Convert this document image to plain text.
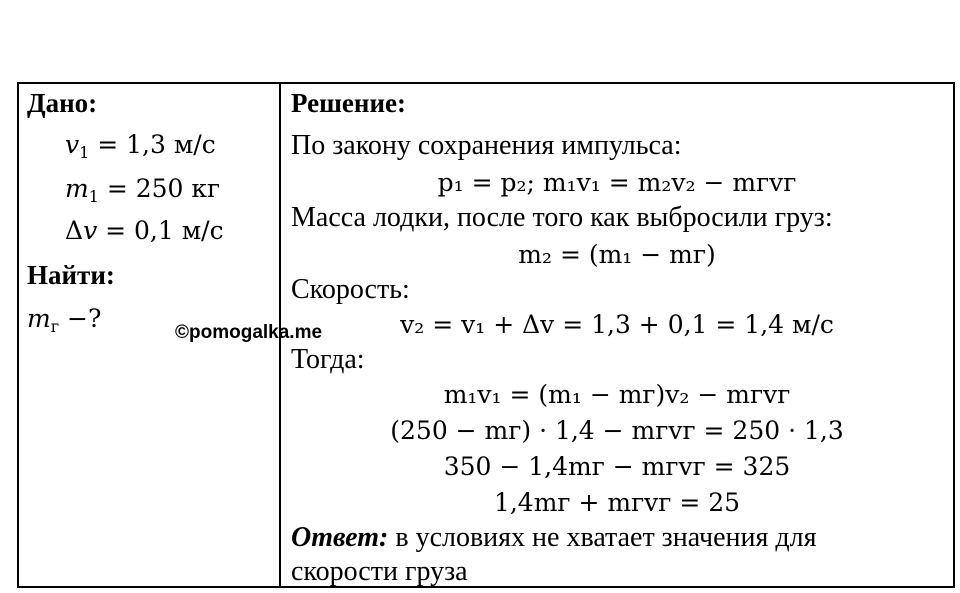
Дано:
$v_1 = 1,3$ м/с
$m_1 = 250$ кг
Δv = 0,1 м/с
Найти:
$m_г$ −?
Решение:
По закону сохранения импульса:
p₁ = p₂; m₁v₁ = m₂v₂ − mгvг
Масса лодки, после того как выбросили груз:
m₂ = (m₁ − mг)
Скорость:
v₂ = v₁ + Δv = 1,3 + 0,1 = 1,4 м/с
Тогда:
m₁v₁ = (m₁ − mг)v₂ − mгvг
(250 − mг) · 1,4 − mгvг = 250 · 1,3
350 − 1,4mг − mгvг = 325
1,4mг + mгvг = 25
Ответ: в условиях не хватает значения для
скорости груза
©pomogalka.me
